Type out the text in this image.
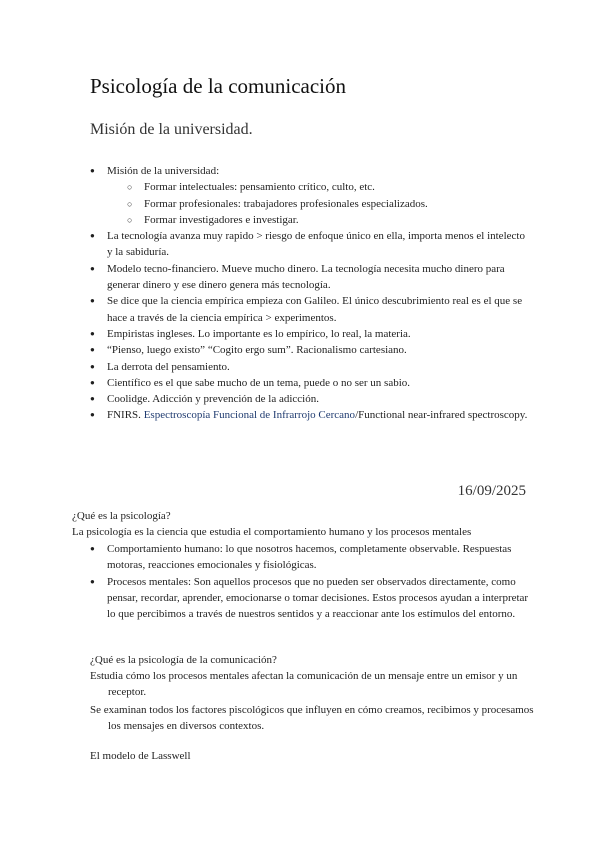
Psicología de la comunicación
Misión de la universidad.
● Misión de la universidad:
○ Formar intelectuales: pensamiento crítico, culto, etc.
○ Formar profesionales: trabajadores profesionales especializados.
○ Formar investigadores e investigar.
● La tecnología avanza muy rapido > riesgo de enfoque único en ella, importa menos el intelecto y la sabiduría.
● Modelo tecno-financiero. Mueve mucho dinero. La tecnología necesita mucho dinero para generar dinero y ese dinero genera más tecnología.
● Se dice que la ciencia empírica empieza con Galileo. El único descubrimiento real es el que se hace a través de la ciencia empírica > experimentos.
● Empiristas ingleses. Lo importante es lo empírico, lo real, la materia.
● “Pienso, luego existo” “Cogito ergo sum”. Racionalismo cartesiano.
● La derrota del pensamiento.
● Científico es el que sabe mucho de un tema, puede o no ser un sabio.
● Coolidge. Adicción y prevención de la adicción.
● FNIRS. Espectroscopía Funcional de Infrarrojo Cercano/Functional near-infrared spectroscopy.
16/09/2025
¿Qué es la psicología?
La psicología es la ciencia que estudia el comportamiento humano y los procesos mentales
● Comportamiento humano: lo que nosotros hacemos, completamente observable. Respuestas motoras, reacciones emocionales y fisiológicas.
● Procesos mentales: Son aquellos procesos que no pueden ser observados directamente, como pensar, recordar, aprender, emocionarse o tomar decisiones. Estos procesos ayudan a interpretar lo que percibimos a través de nuestros sentidos y a reaccionar ante los estímulos del entorno.
¿Qué es la psicología de la comunicación?

Estudia cómo los procesos mentales afectan la comunicación de un mensaje entre un emisor y un receptor.

Se examinan todos los factores piscológicos que influyen en cómo creamos, recibimos y procesamos los mensajes en diversos contextos.

El modelo de Lasswell
